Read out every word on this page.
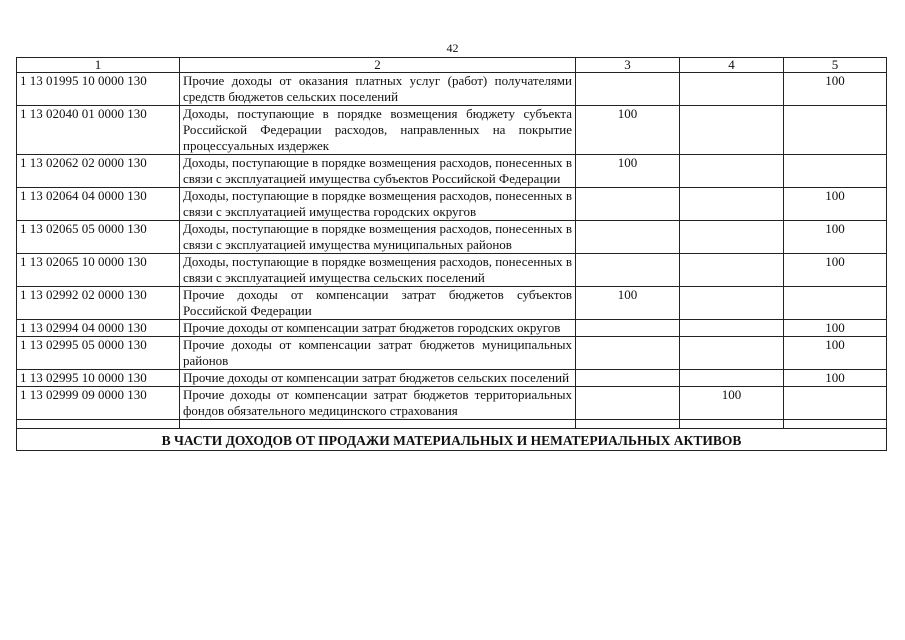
42
1	2	3	4	5
1 13 01995 10 0000 130	Прочие доходы от оказания платных услуг (работ) получателями средств бюджетов сельских поселений			100
1 13 02040 01 0000 130	Доходы, поступающие в порядке возмещения бюджету субъекта Российской Федерации расходов, направленных на покрытие процессуальных издержек	100		
1 13 02062 02 0000 130	Доходы, поступающие в порядке возмещения расходов, понесенных в связи с эксплуатацией имущества субъектов Российской Федерации	100		
1 13 02064 04 0000 130	Доходы, поступающие в порядке возмещения расходов, понесенных в связи с эксплуатацией имущества городских округов			100
1 13 02065 05 0000 130	Доходы, поступающие в порядке возмещения расходов, понесенных в связи с эксплуатацией имущества муниципальных районов			100
1 13 02065 10 0000 130	Доходы, поступающие в порядке возмещения расходов, понесенных в связи с эксплуатацией имущества сельских поселений			100
1 13 02992 02 0000 130	Прочие доходы от компенсации затрат бюджетов субъектов Российской Федерации	100		
1 13 02994 04 0000 130	Прочие доходы от компенсации затрат бюджетов городских округов			100
1 13 02995 05 0000 130	Прочие доходы от компенсации затрат бюджетов муниципальных районов			100
1 13 02995 10 0000 130	Прочие доходы от компенсации затрат бюджетов сельских поселений			100
1 13 02999 09 0000 130	Прочие доходы от компенсации затрат бюджетов территориальных фондов обязательного медицинского страхования		100	

В ЧАСТИ ДОХОДОВ ОТ ПРОДАЖИ МАТЕРИАЛЬНЫХ И НЕМАТЕРИАЛЬНЫХ АКТИВОВ				
